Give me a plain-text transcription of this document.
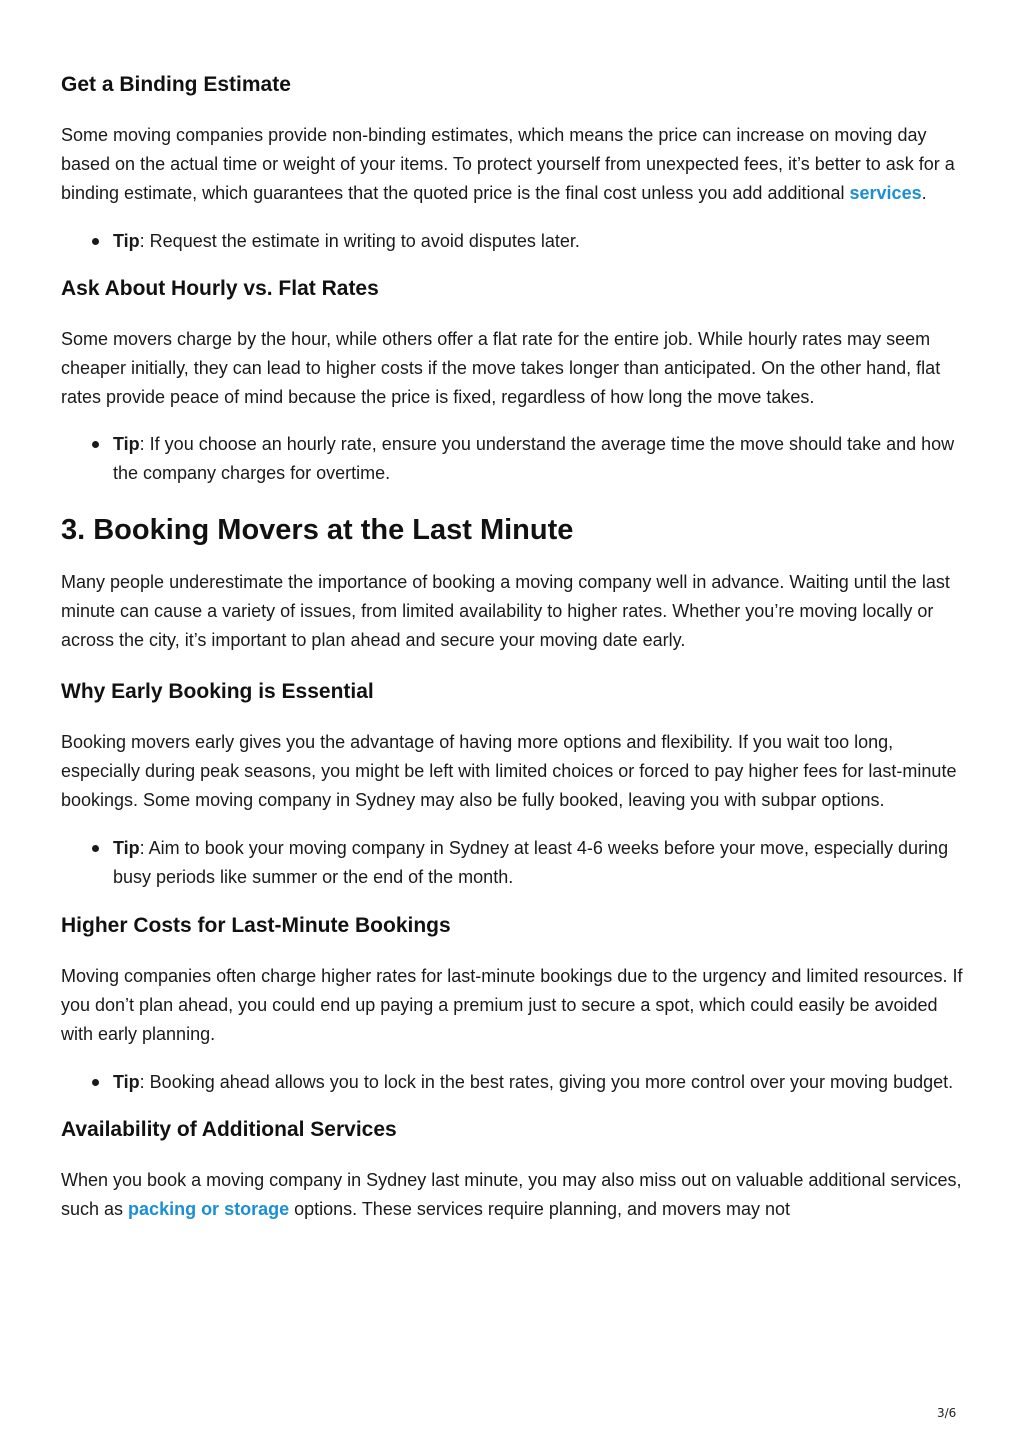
Get a Binding Estimate

Some moving companies provide non-binding estimates, which means the price can increase on moving day based on the actual time or weight of your items. To protect yourself from unexpected fees, it’s better to ask for a binding estimate, which guarantees that the quoted price is the final cost unless you add additional services.

Tip: Request the estimate in writing to avoid disputes later.
Ask About Hourly vs. Flat Rates

Some movers charge by the hour, while others offer a flat rate for the entire job. While hourly rates may seem cheaper initially, they can lead to higher costs if the move takes longer than anticipated. On the other hand, flat rates provide peace of mind because the price is fixed, regardless of how long the move takes.

Tip: If you choose an hourly rate, ensure you understand the average time the move should take and how the company charges for overtime.
3. Booking Movers at the Last Minute

Many people underestimate the importance of booking a moving company well in advance. Waiting until the last minute can cause a variety of issues, from limited availability to higher rates. Whether you’re moving locally or across the city, it’s important to plan ahead and secure your moving date early.

Why Early Booking is Essential

Booking movers early gives you the advantage of having more options and flexibility. If you wait too long, especially during peak seasons, you might be left with limited choices or forced to pay higher fees for last-minute bookings. Some moving company in Sydney may also be fully booked, leaving you with subpar options.

Tip: Aim to book your moving company in Sydney at least 4-6 weeks before your move, especially during busy periods like summer or the end of the month.
Higher Costs for Last-Minute Bookings

Moving companies often charge higher rates for last-minute bookings due to the urgency and limited resources. If you don’t plan ahead, you could end up paying a premium just to secure a spot, which could easily be avoided with early planning.

Tip: Booking ahead allows you to lock in the best rates, giving you more control over your moving budget.
Availability of Additional Services

When you book a moving company in Sydney last minute, you may also miss out on valuable additional services, such as packing or storage options. These services require planning, and movers may not

3/6
